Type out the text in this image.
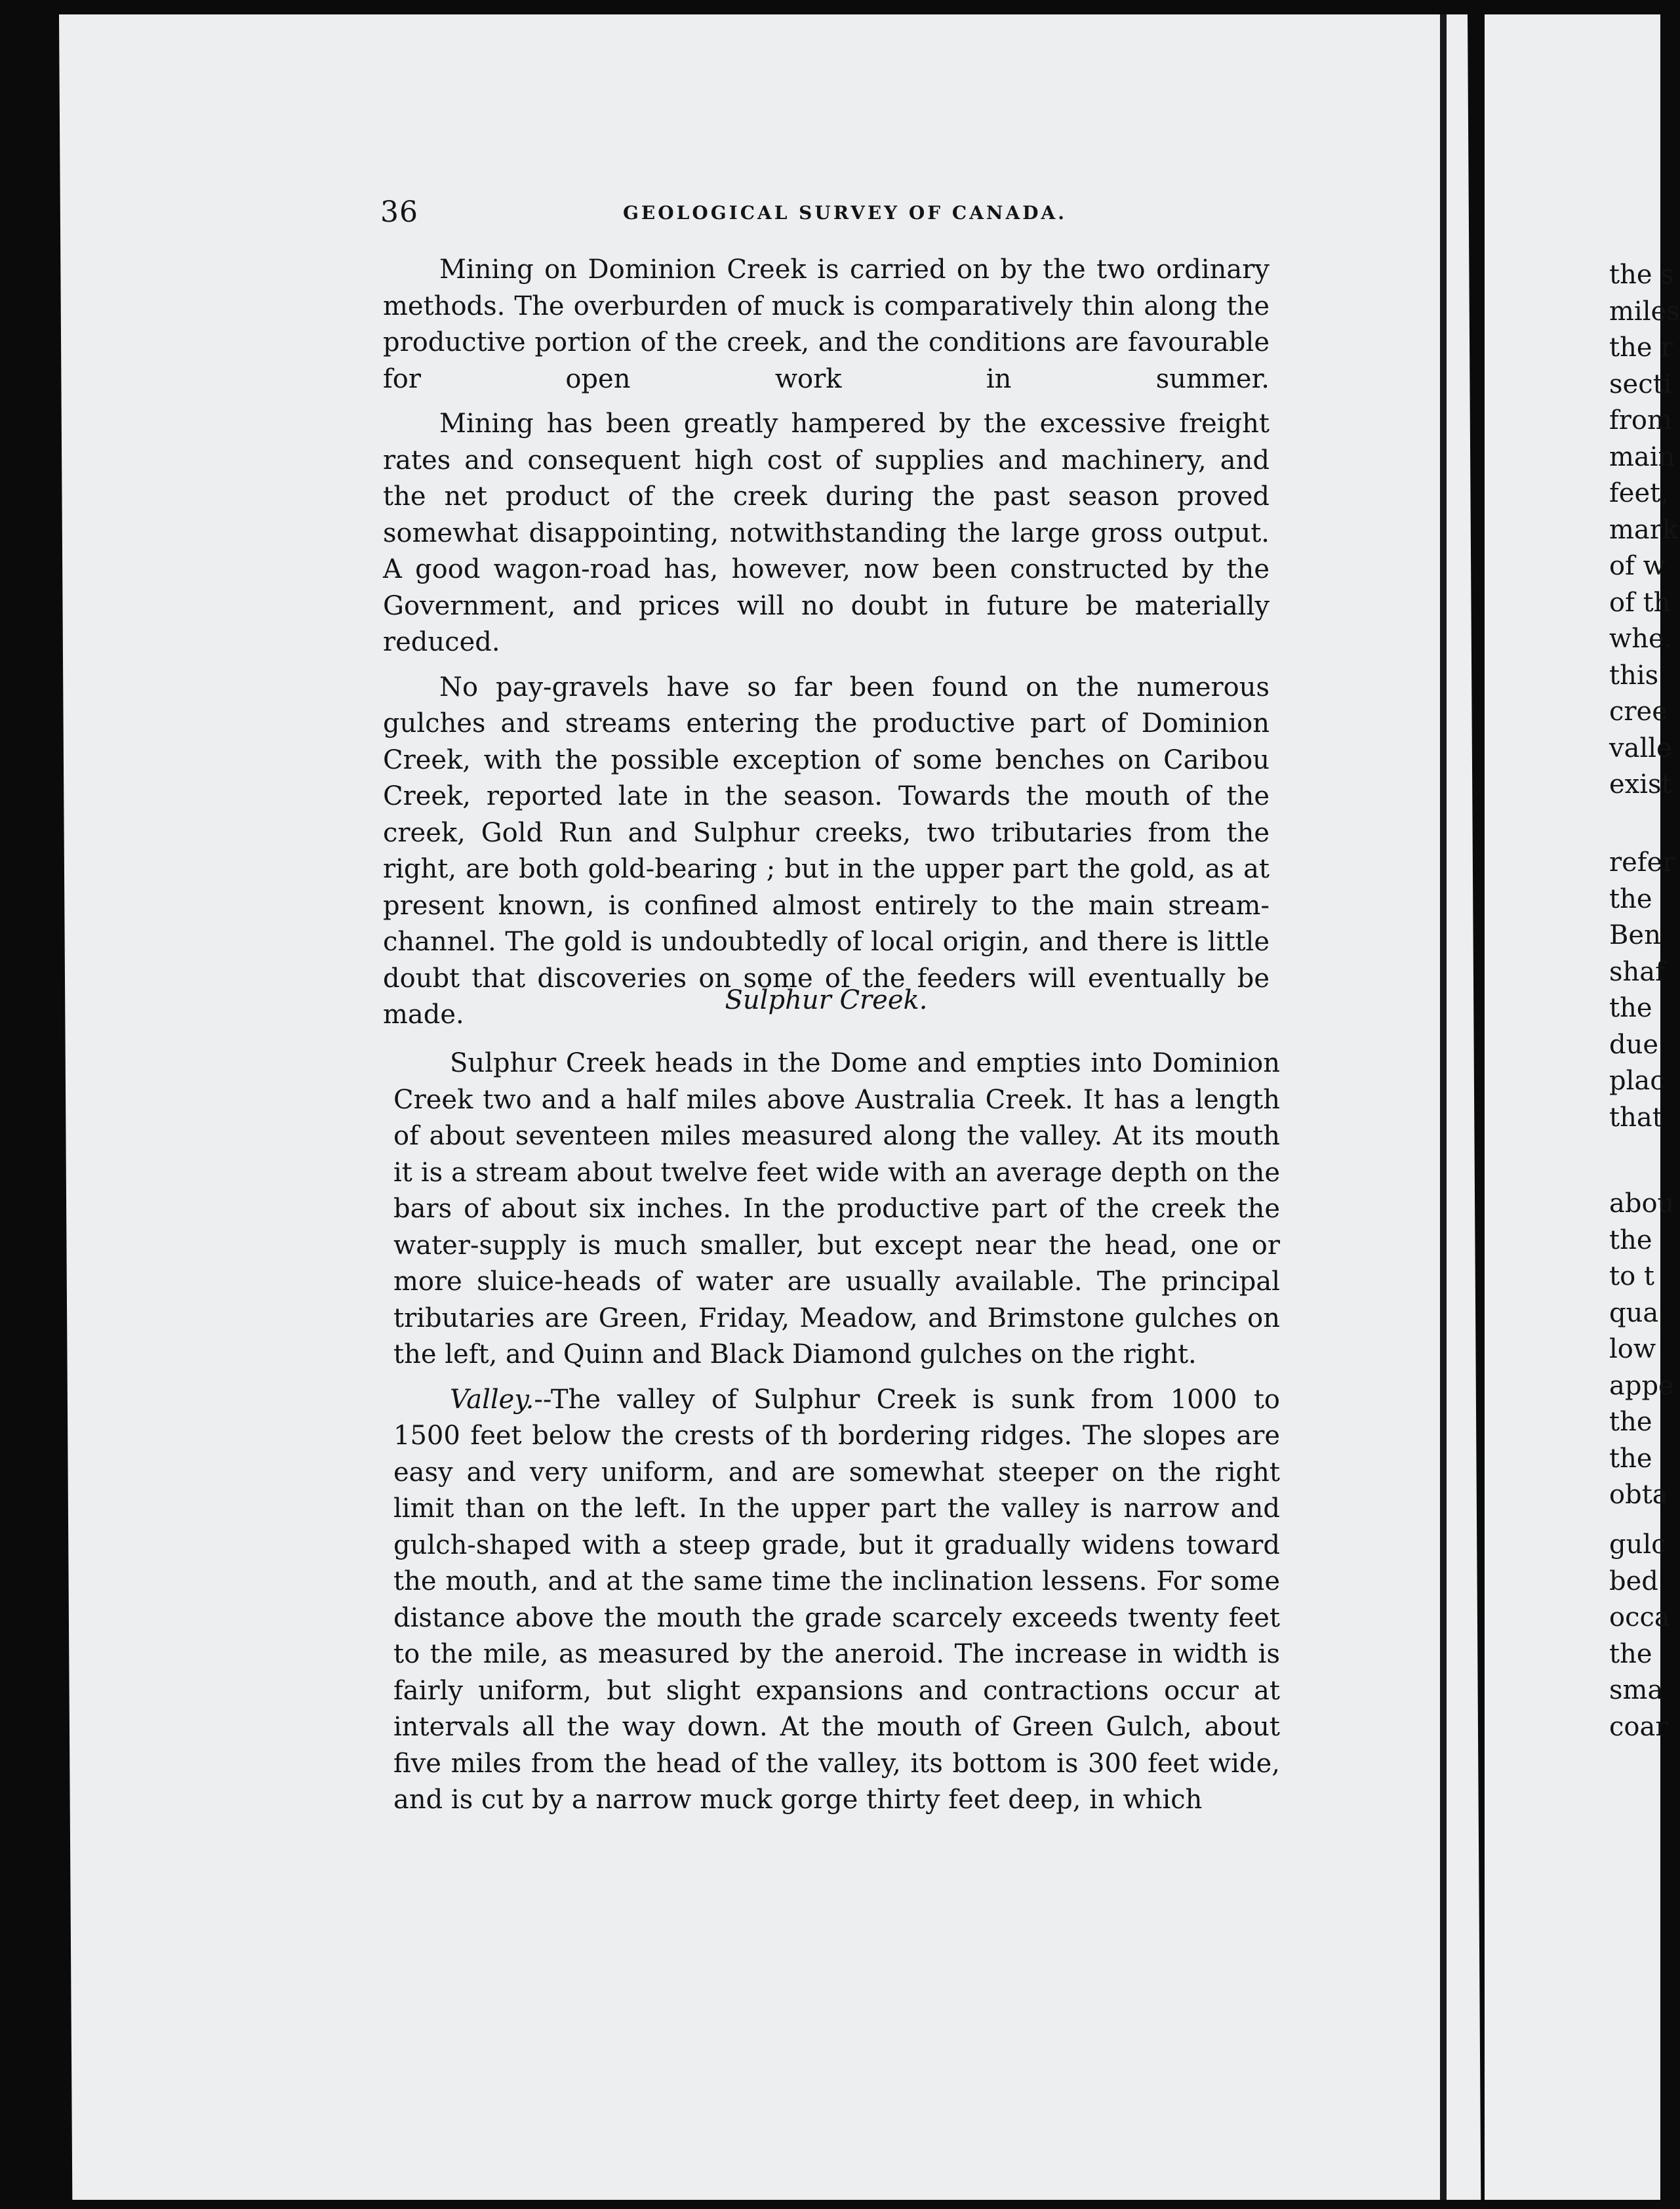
36	GEOLOGICAL SURVEY OF CANADA.

Mining on Dominion Creek is carried on by the two ordinary methods. The overburden of muck is comparatively thin along the productive portion of the creek, and the conditions are favourable for open work in summer.

Mining has been greatly hampered by the excessive freight rates and consequent high cost of supplies and machinery, and the net product of the creek during the past season proved somewhat disappointing, notwithstanding the large gross output. A good wagon-road has, however, now been constructed by the Government, and prices will no doubt in future be materially reduced.

No pay-gravels have so far been found on the numerous gulches and streams entering the productive part of Dominion Creek, with the possible exception of some benches on Caribou Creek, reported late in the season. Towards the mouth of the creek, Gold Run and Sulphur creeks, two tributaries from the right, are both gold-bearing ; but in the upper part the gold, as at present known, is confined almost entirely to the main stream-channel. The gold is undoubtedly of local origin, and there is little doubt that discoveries on some of the feeders will eventually be made.	Sulphur Creek.

Sulphur Creek heads in the Dome and empties into Dominion Creek two and a half miles above Australia Creek. It has a length of about seventeen miles measured along the valley. At its mouth it is a stream about twelve feet wide with an average depth on the bars of about six inches. In the productive part of the creek the water-supply is much smaller, but except near the head, one or more sluice-heads of water are usually available. The principal tributaries are Green, Friday, Meadow, and Brimstone gulches on the left, and Quinn and Black Diamond gulches on the right.

Valley.--The valley of Sulphur Creek is sunk from 1000 to 1500 feet below the crests of th bordering ridges. The slopes are easy and very uniform, and are somewhat steeper on the right limit than on the left. In the upper part the valley is narrow and gulch-shaped with a steep grade, but it gradually widens toward the mouth, and at the same time the inclination lessens. For some distance above the mouth the grade scarcely exceeds twenty feet to the mile, as measured by the aneroid. The increase in width is fairly uniform, but slight expansions and contractions occur at intervals all the way down. At the mouth of Green Gulch, about five miles from the head of the valley, its bottom is 300 feet wide, and is cut by a narrow muck gorge thirty feet deep, in which

the s
miles
the r
secti
from
main
feet,
mark
of w
of th
whe.
this
cree
valle
exist
refer
the
Ben
shaf
the
due
plac
that
abou
the
to t
qua
low
appe
the
the
obta
gulc
bed
occa
the
sma
coar
